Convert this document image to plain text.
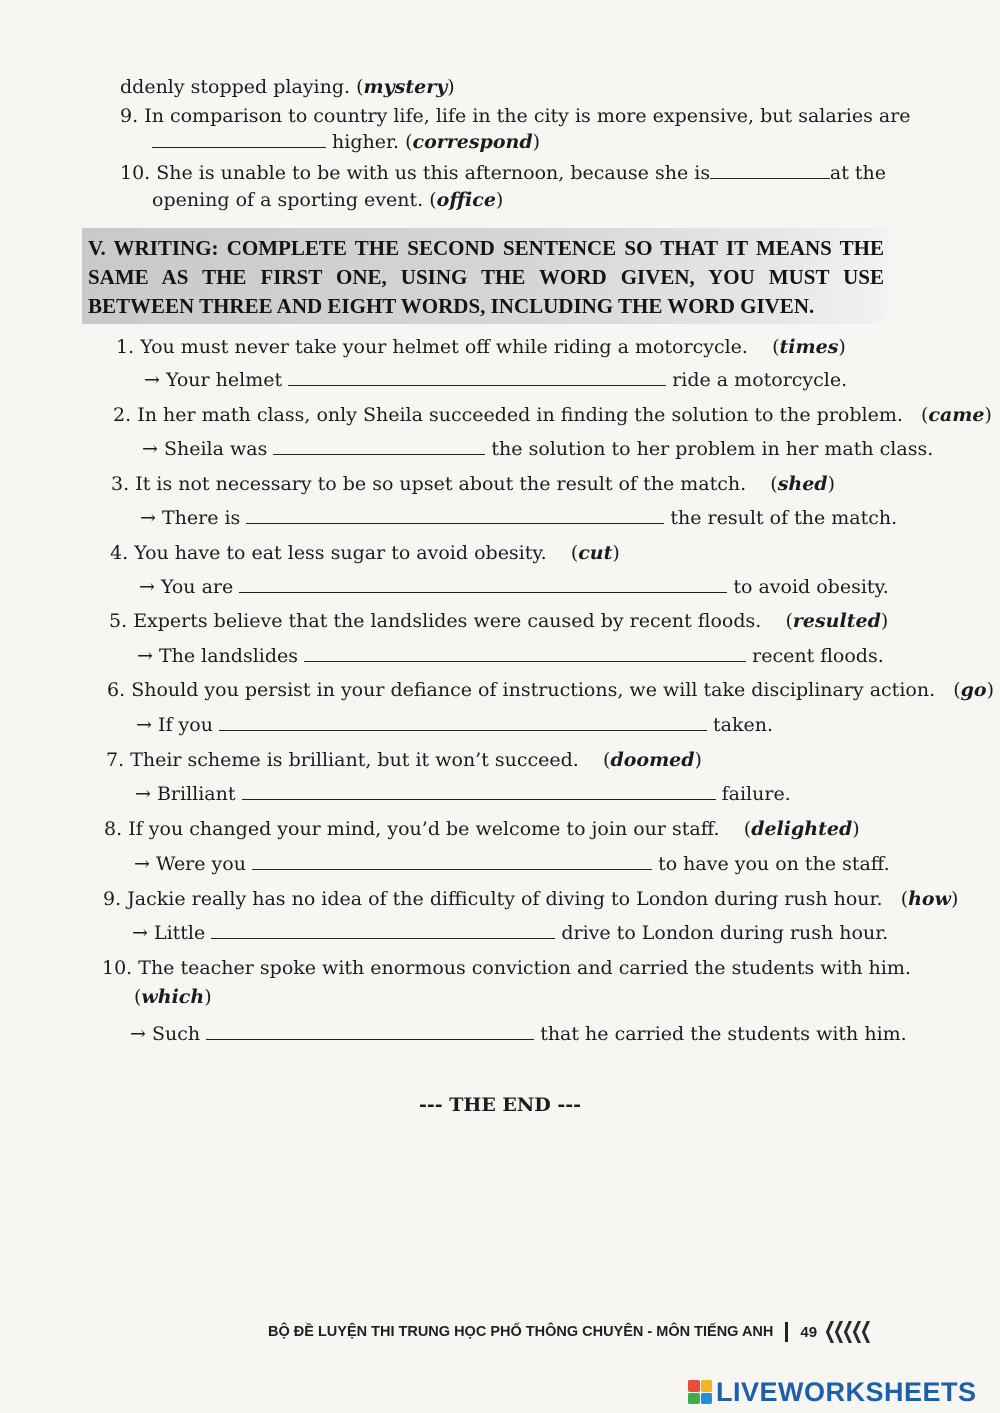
ddenly stopped playing. (mystery)
9. In comparison to country life, life in the city is more expensive, but salaries are
higher. (correspond)
10. She is unable to be with us this afternoon, because she is	at the
opening of a sporting event. (office)
V. WRITING: COMPLETE THE SECOND SENTENCE SO THAT IT MEANS THE SAME AS THE FIRST ONE, USING THE WORD GIVEN, YOU MUST USE BETWEEN THREE AND EIGHT WORDS, INCLUDING THE WORD GIVEN.
1. You must never take your helmet off while riding a motorcycle.    (times)
→ Your helmet	ride a motorcycle.
2. In her math class, only Sheila succeeded in finding the solution to the problem.   (came)
→ Sheila was	the solution to her problem in her math class.
3. It is not necessary to be so upset about the result of the match.    (shed)
→ There is	the result of the match.
4. You have to eat less sugar to avoid obesity.    (cut)
→ You are	to avoid obesity.
5. Experts believe that the landslides were caused by recent floods.    (resulted)
→ The landslides	recent floods.
6. Should you persist in your defiance of instructions, we will take disciplinary action.   (go)
→ If you	taken.
7. Their scheme is brilliant, but it won’t succeed.    (doomed)
→ Brilliant	failure.
8. If you changed your mind, you’d be welcome to join our staff.    (delighted)
→ Were you	to have you on the staff.
9. Jackie really has no idea of the difficulty of diving to London during rush hour.   (how)
→ Little	drive to London during rush hour.
10. The teacher spoke with enormous conviction and carried the students with him.
(which)
→ Such	that he carried the students with him.
--- THE END ---
BỘ ĐỀ LUYỆN THI TRUNG HỌC PHỔ THÔNG CHUYÊN - MÔN TIẾNG ANH 49
LIVEWORKSHEETS
